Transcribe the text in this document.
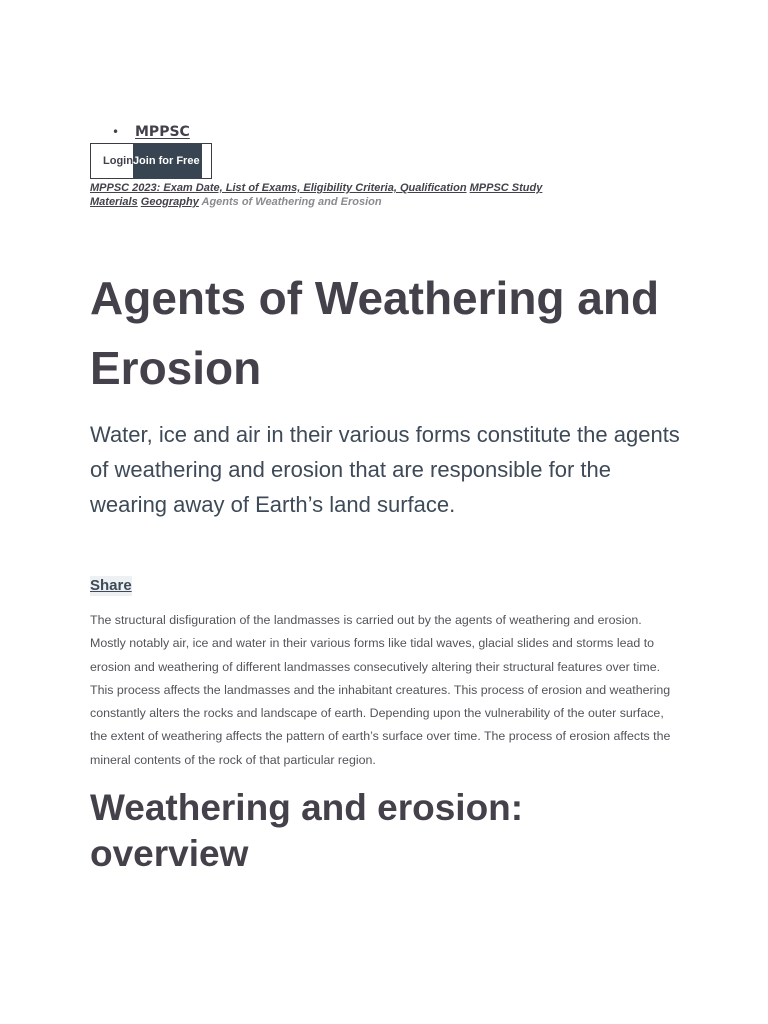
• MPPSC
Login Join for Free
MPPSC 2023: Exam Date, List of Exams, Eligibility Criteria, Qualification MPPSC Study Materials Geography Agents of Weathering and Erosion
Agents of Weathering and Erosion

Water, ice and air in their various forms constitute the agents of weathering and erosion that are responsible for the wearing away of Earth’s land surface.

Share

The structural disfiguration of the landmasses is carried out by the agents of weathering and erosion. Mostly notably air, ice and water in their various forms like tidal waves, glacial slides and storms lead to erosion and weathering of different landmasses consecutively altering their structural features over time. This process affects the landmasses and the inhabitant creatures. This process of erosion and weathering constantly alters the rocks and landscape of earth. Depending upon the vulnerability of the outer surface, the extent of weathering affects the pattern of earth’s surface over time. The process of erosion affects the mineral contents of the rock of that particular region.

Weathering and erosion: overview
